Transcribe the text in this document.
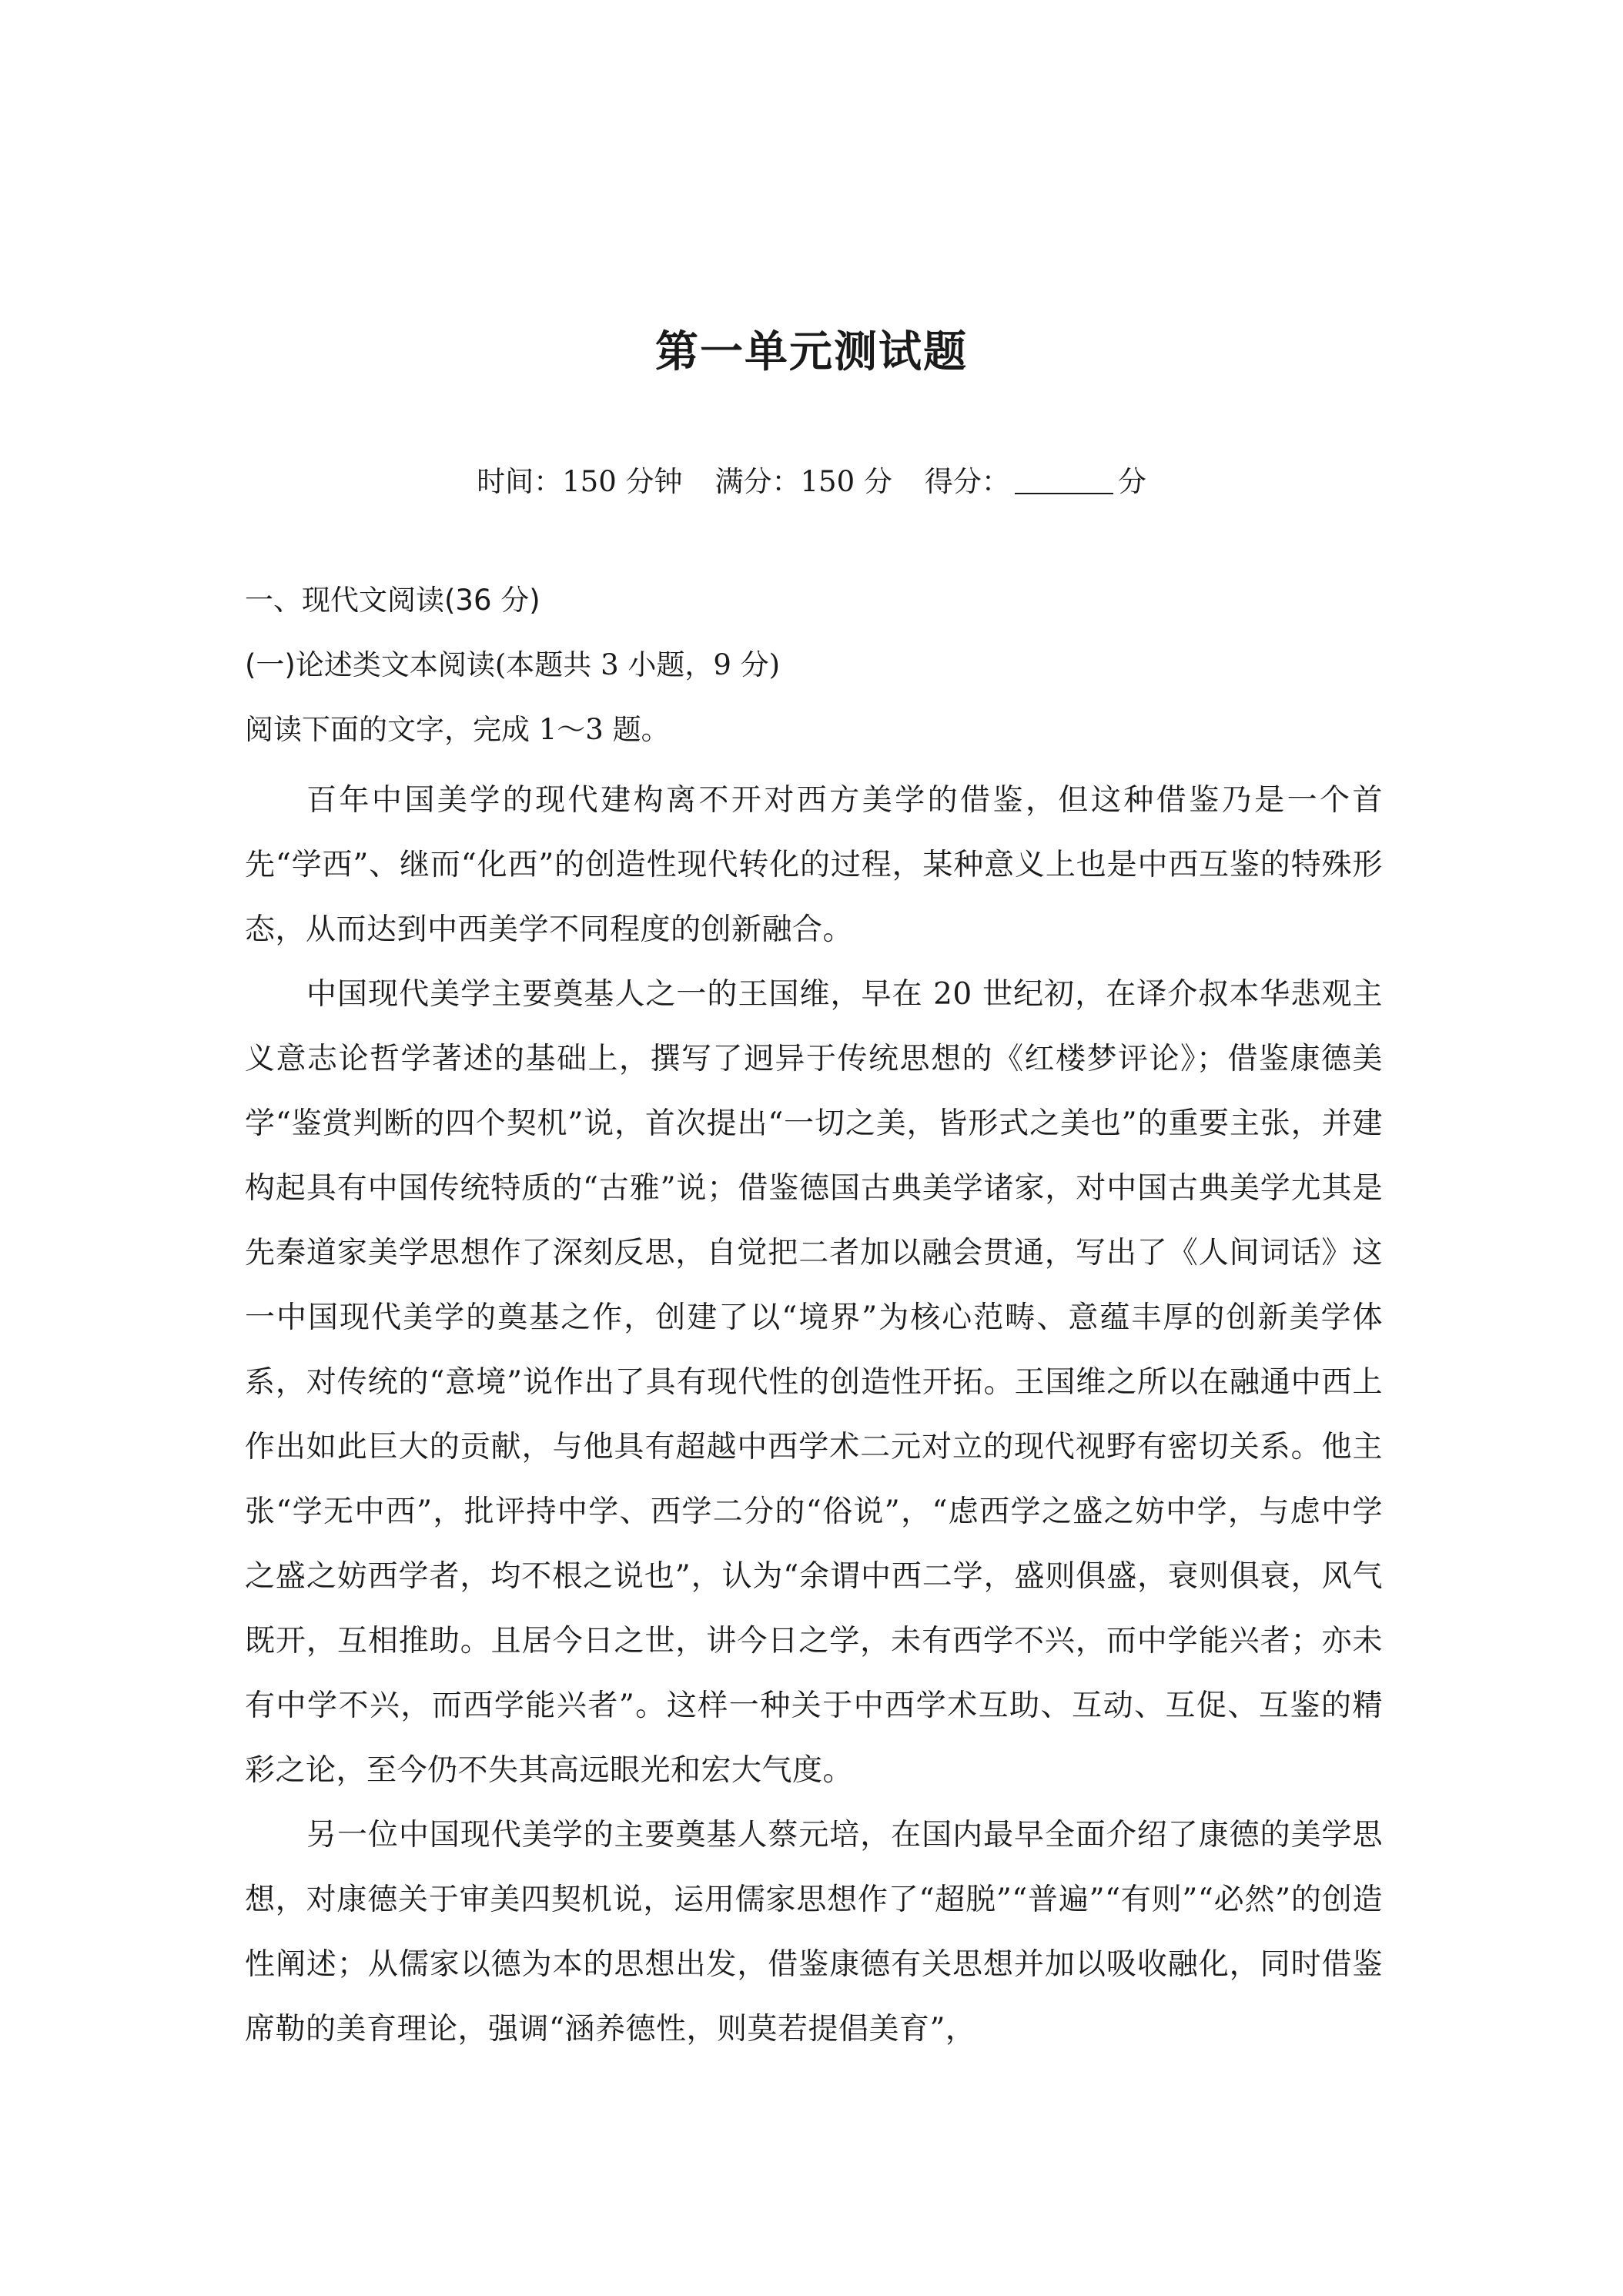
第一单元测试题
时间：150 分钟 满分：150 分 得分：	分
一、现代文阅读(36 分)
(一)论述类文本阅读(本题共 3 小题，9 分)
阅读下面的文字，完成 1～3 题。

百年中国美学的现代建构离不开对西方美学的借鉴，但这种借鉴乃是一个首先“学西”、继而“化西”的创造性现代转化的过程，某种意义上也是中西互鉴的特殊形态，从而达到中西美学不同程度的创新融合。

中国现代美学主要奠基人之一的王国维，早在 20 世纪初，在译介叔本华悲观主义意志论哲学著述的基础上，撰写了迥异于传统思想的《红楼梦评论》；借鉴康德美学“鉴赏判断的四个契机”说，首次提出“一切之美，皆形式之美也”的重要主张，并建构起具有中国传统特质的“古雅”说；借鉴德国古典美学诸家，对中国古典美学尤其是先秦道家美学思想作了深刻反思，自觉把二者加以融会贯通，写出了《人间词话》这一中国现代美学的奠基之作，创建了以“境界”为核心范畴、意蕴丰厚的创新美学体系，对传统的“意境”说作出了具有现代性的创造性开拓。王国维之所以在融通中西上作出如此巨大的贡献，与他具有超越中西学术二元对立的现代视野有密切关系。他主张“学无中西”，批评持中学、西学二分的“俗说”，“虑西学之盛之妨中学，与虑中学之盛之妨西学者，均不根之说也”，认为“余谓中西二学，盛则俱盛，衰则俱衰，风气既开，互相推助。且居今日之世，讲今日之学，未有西学不兴，而中学能兴者；亦未有中学不兴，而西学能兴者”。这样一种关于中西学术互助、互动、互促、互鉴的精彩之论，至今仍不失其高远眼光和宏大气度。

另一位中国现代美学的主要奠基人蔡元培，在国内最早全面介绍了康德的美学思想，对康德关于审美四契机说，运用儒家思想作了“超脱”“普遍”“有则”“必然”的创造性阐述；从儒家以德为本的思想出发，借鉴康德有关思想并加以吸收融化，同时借鉴席勒的美育理论，强调“涵养德性，则莫若提倡美育”，
